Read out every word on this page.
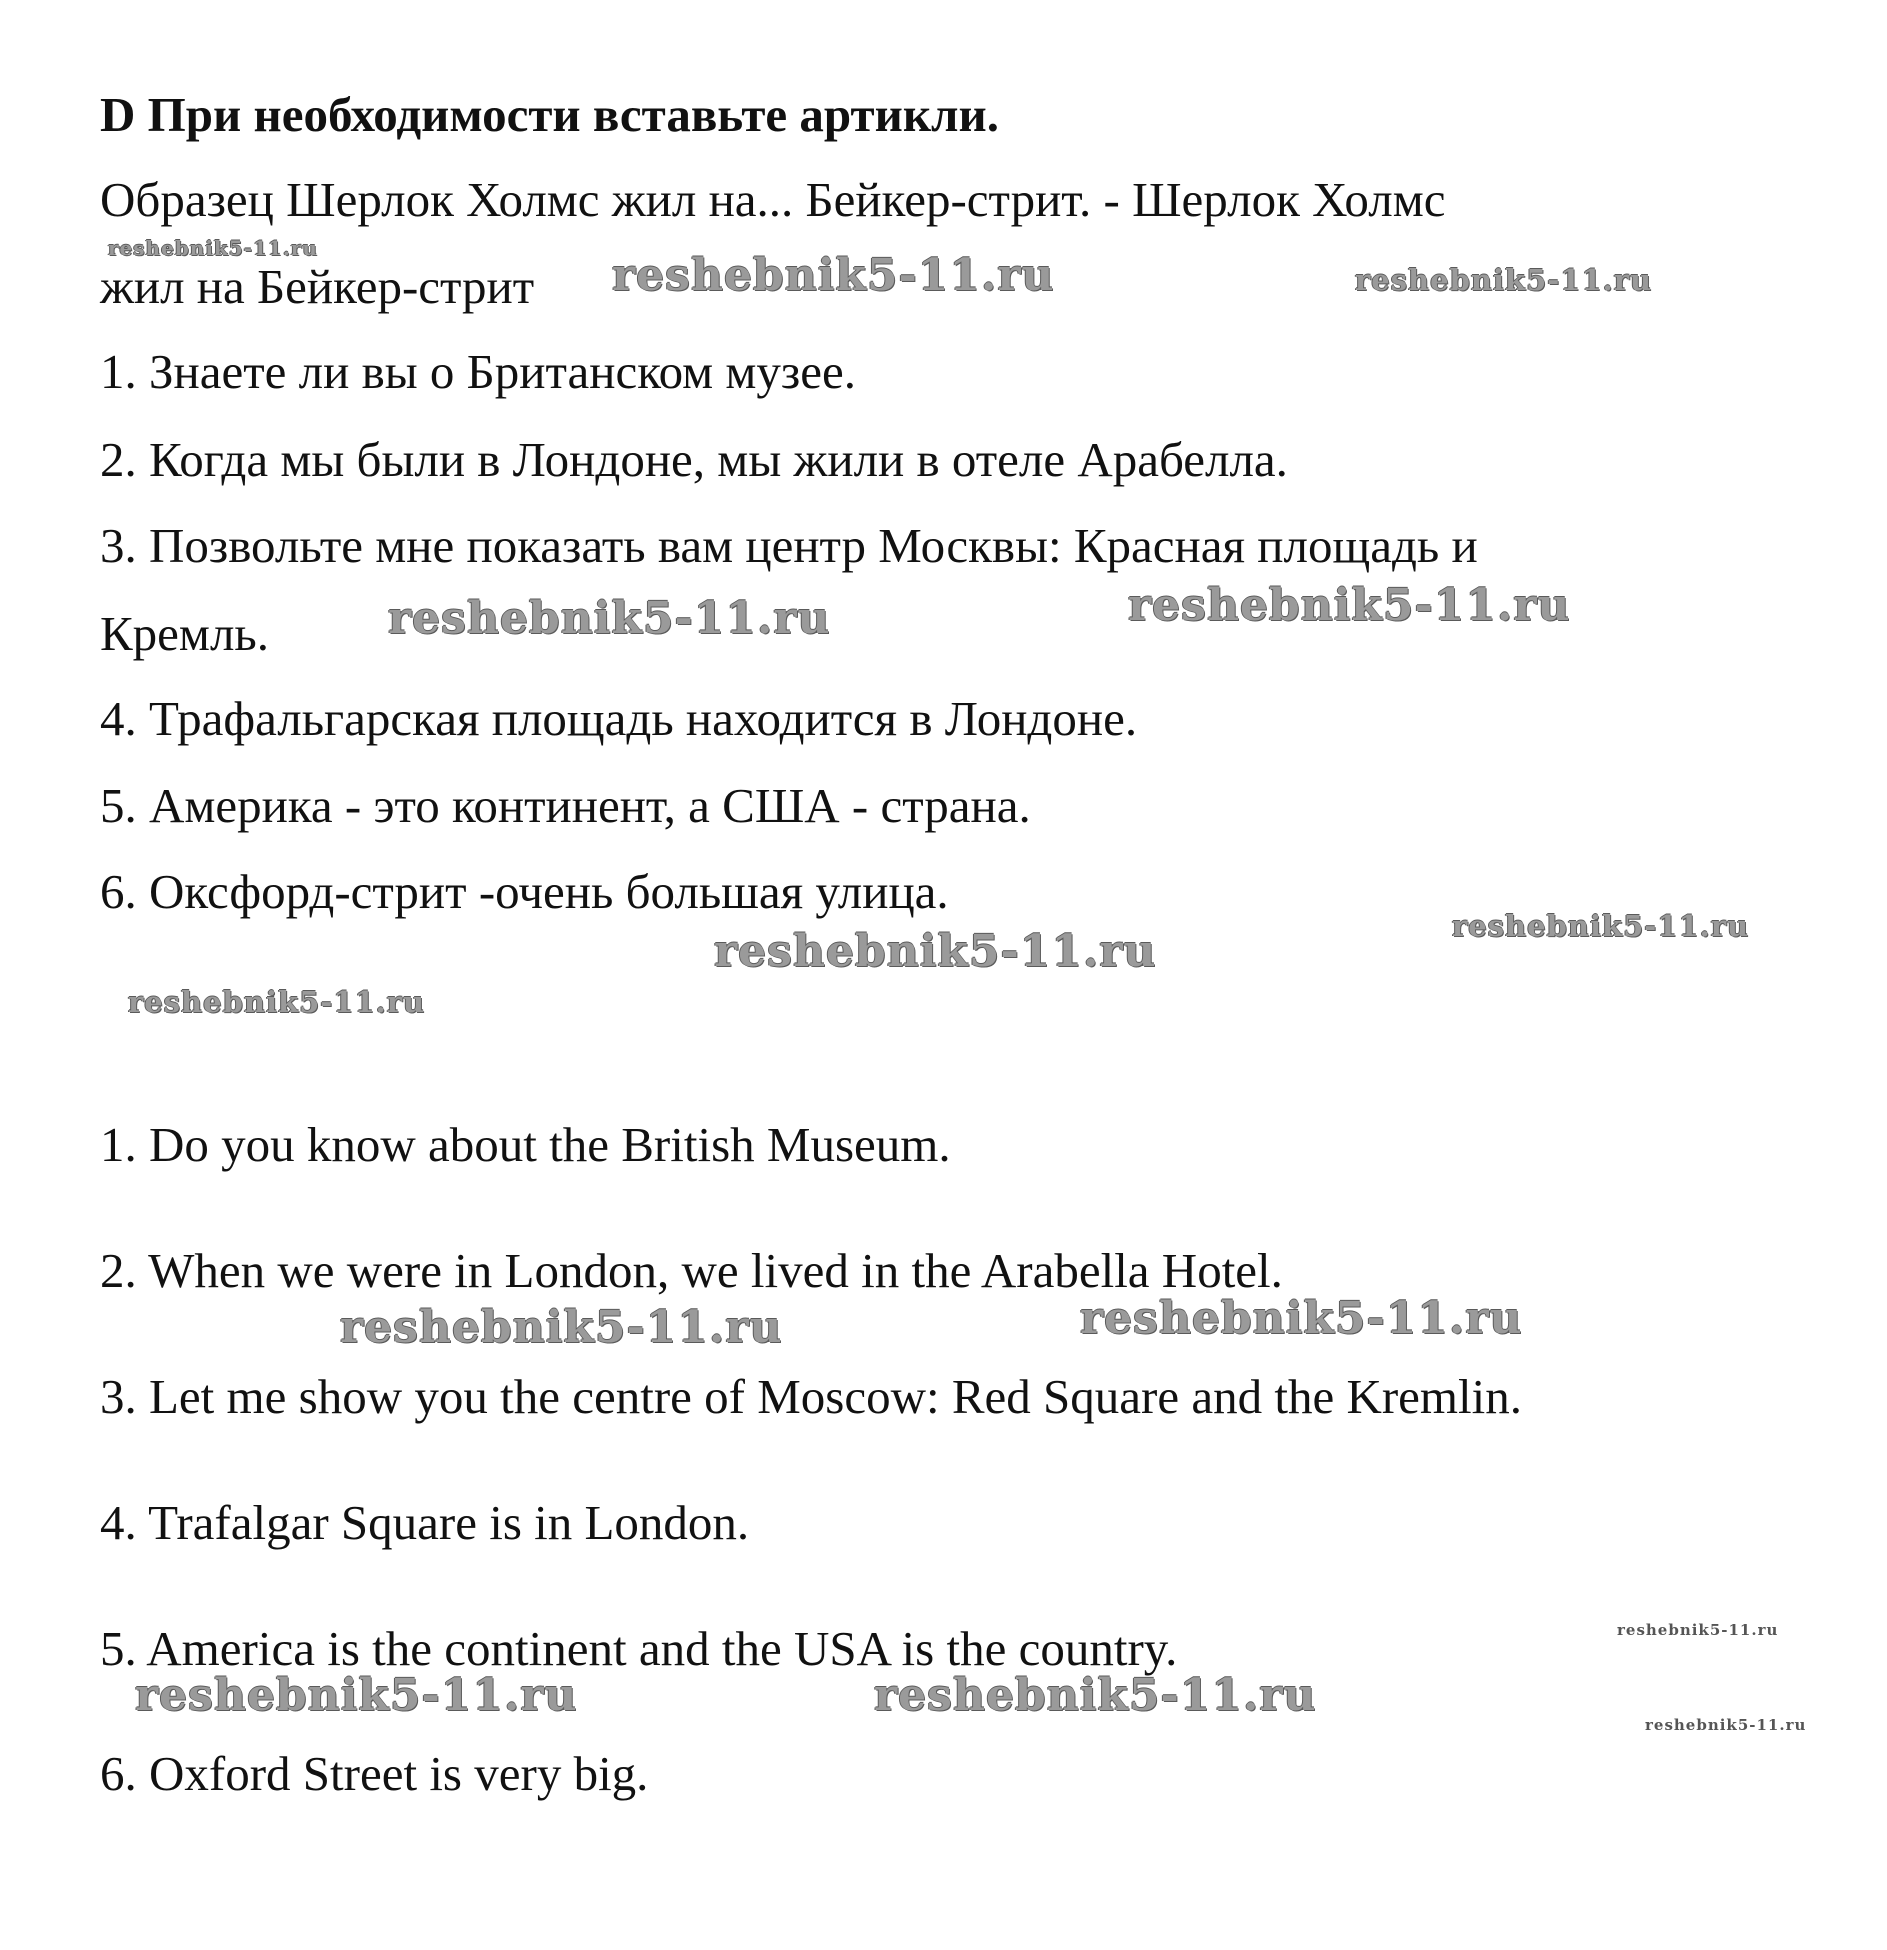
D При необходимости вставьте артикли.
Образец Шерлок Холмс жил на... Бейкер-стрит. - Шерлок Холмс
жил на Бейкер-стрит
1. Знаете ли вы о Британском музее.
2. Когда мы были в Лондоне, мы жили в отеле Арабелла.
3. Позвольте мне показать вам центр Москвы: Красная площадь и
Кремль.
4. Трафальгарская площадь находится в Лондоне.
5. Америка - это континент, а США - страна.
6. Оксфорд-стрит -очень большая улица.
1. Do you know about the British Museum.
2. When we were in London, we lived in the Arabella Hotel.
3. Let me show you the centre of Moscow: Red Square and the Kremlin.
4. Trafalgar Square is in London.
5. America is the continent and the USA is the country.
6. Oxford Street is very big.
reshebnik5-11.ru
reshebnik5-11.ru	reshebnik5-11.ru
reshebnik5-11.ru	reshebnik5-11.ru
reshebnik5-11.ru
reshebnik5-11.ru
reshebnik5-11.ru
reshebnik5-11.ru	reshebnik5-11.ru
reshebnik5-11.ru
reshebnik5-11.ru	reshebnik5-11.ru
reshebnik5-11.ru
